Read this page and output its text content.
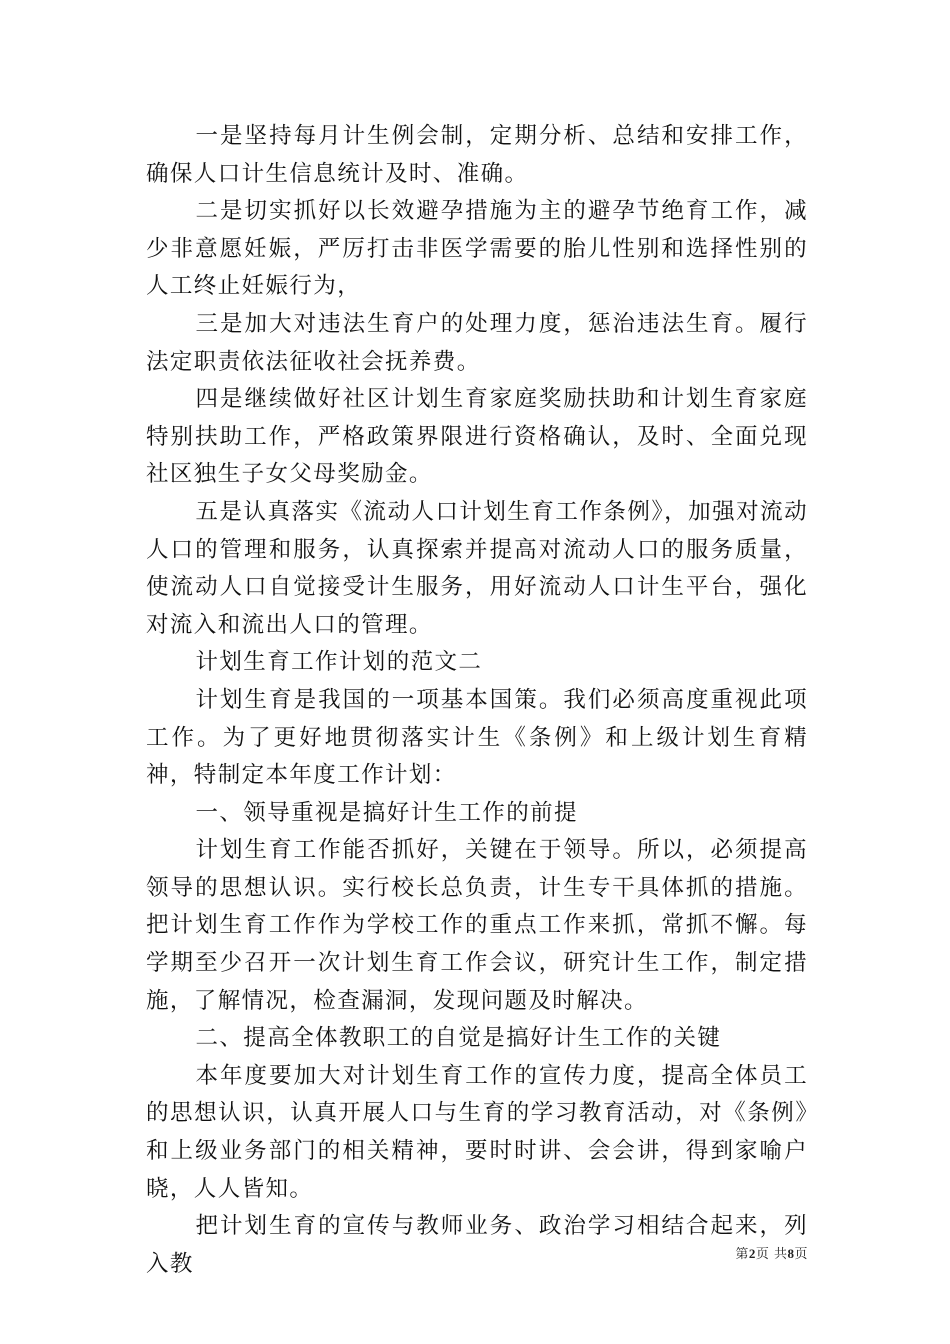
一是坚持每月计生例会制，定期分析、总结和安排工作，确保人口计生信息统计及时、准确。

二是切实抓好以长效避孕措施为主的避孕节绝育工作，减少非意愿妊娠，严厉打击非医学需要的胎儿性别和选择性别的人工终止妊娠行为，

三是加大对违法生育户的处理力度，惩治违法生育。履行法定职责依法征收社会抚养费。

四是继续做好社区计划生育家庭奖励扶助和计划生育家庭特别扶助工作，严格政策界限进行资格确认，及时、全面兑现社区独生子女父母奖励金。

五是认真落实《流动人口计划生育工作条例》，加强对流动人口的管理和服务，认真探索并提高对流动人口的服务质量，使流动人口自觉接受计生服务，用好流动人口计生平台，强化对流入和流出人口的管理。

计划生育工作计划的范文二

计划生育是我国的一项基本国策。我们必须高度重视此项工作。为了更好地贯彻落实计生《条例》和上级计划生育精神，特制定本年度工作计划：

一、领导重视是搞好计生工作的前提

计划生育工作能否抓好，关键在于领导。所以，必须提高领导的思想认识。实行校长总负责，计生专干具体抓的措施。把计划生育工作作为学校工作的重点工作来抓，常抓不懈。每学期至少召开一次计划生育工作会议，研究计生工作，制定措施，了解情况，检查漏洞，发现问题及时解决。

二、提高全体教职工的自觉是搞好计生工作的关键

本年度要加大对计划生育工作的宣传力度，提高全体员工的思想认识，认真开展人口与生育的学习教育活动，对《条例》和上级业务部门的相关精神，要时时讲、会会讲，得到家喻户晓，人人皆知。

把计划生育的宣传与教师业务、政治学习相结合起来，列入教	第2页 共8页
